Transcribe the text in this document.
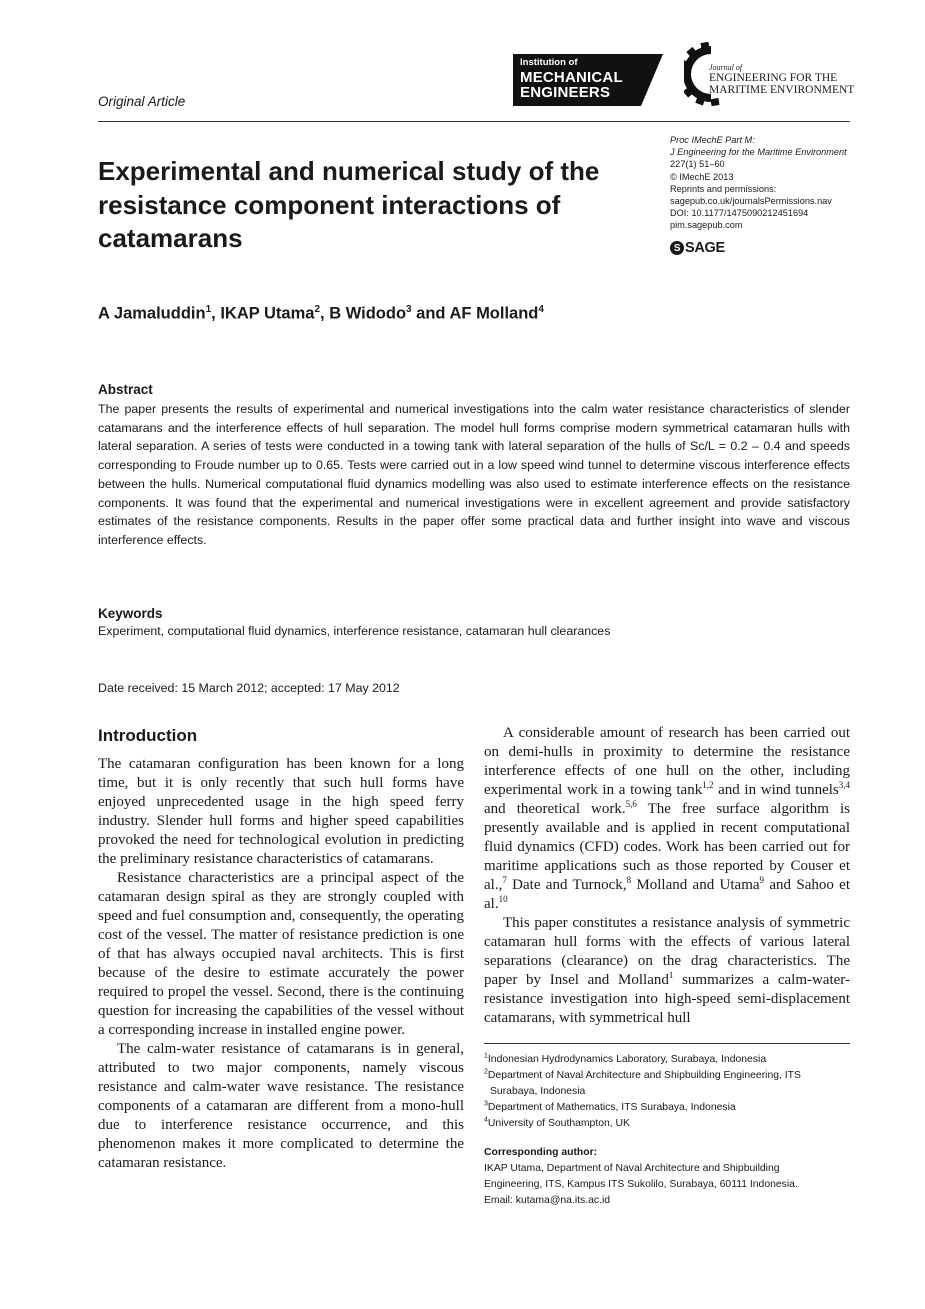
Original Article
Institution of
MECHANICAL
ENGINEERS
Journal of
ENGINEERING FOR THE
MARITIME ENVIRONMENT
Proc IMechE Part M:
J Engineering for the Maritime Environment
227(1) 51–60
© IMechE 2013
Reprints and permissions:
sagepub.co.uk/journalsPermissions.nav
DOI: 10.1177/1475090212451694
pim.sagepub.com
S SAGE
Experimental and numerical study of the resistance component interactions of catamarans
A Jamaluddin$^1$, IKAP Utama$^2$, B Widodo$^3$ and AF Molland$^4$
Abstract
The paper presents the results of experimental and numerical investigations into the calm water resistance characteristics of slender catamarans and the interference effects of hull separation. The model hull forms comprise modern symmetrical catamaran hulls with lateral separation. A series of tests were conducted in a towing tank with lateral separation of the hulls of Sc/L = 0.2 – 0.4 and speeds corresponding to Froude number up to 0.65. Tests were carried out in a low speed wind tunnel to determine viscous interference effects between the hulls. Numerical computational fluid dynamics modelling was also used to estimate interference effects on the resistance components. It was found that the experimental and numerical investigations were in excellent agreement and provide satisfactory estimates of the resistance components. Results in the paper offer some practical data and further insight into wave and viscous interference effects.
Keywords
Experiment, computational fluid dynamics, interference resistance, catamaran hull clearances
Date received: 15 March 2012; accepted: 17 May 2012
Introduction

The catamaran configuration has been known for a long time, but it is only recently that such hull forms have enjoyed unprecedented usage in the high speed ferry industry. Slender hull forms and higher speed capabilities provoked the need for technological evolution in predicting the preliminary resistance characteristics of catamarans.

Resistance characteristics are a principal aspect of the catamaran design spiral as they are strongly coupled with speed and fuel consumption and, consequently, the operating cost of the vessel. The matter of resistance prediction is one of that has always occupied naval architects. This is first because of the desire to estimate accurately the power required to propel the vessel. Second, there is the continuing question for increasing the capabilities of the vessel without a corresponding increase in installed engine power.

The calm-water resistance of catamarans is in general, attributed to two major components, namely viscous resistance and calm-water wave resistance. The resistance components of a catamaran are different from a mono-hull due to interference resistance occurrence, and this phenomenon makes it more complicated to determine the catamaran resistance.

A considerable amount of research has been carried out on demi-hulls in proximity to determine the resistance interference effects of one hull on the other, including experimental work in a towing tank$^{1,2}$ and in wind tunnels$^{3,4}$ and theoretical work.$^{5,6}$ The free surface algorithm is presently available and is applied in recent computational fluid dynamics (CFD) codes. Work has been carried out for maritime applications such as those reported by Couser et al.,$^7$ Date and Turnock,$^8$ Molland and Utama$^9$ and Sahoo et al.$^{10}$

This paper constitutes a resistance analysis of symmetric catamaran hull forms with the effects of various lateral separations (clearance) on the drag characteristics. The paper by Insel and Molland$^1$ summarizes a calm-water-resistance investigation into high-speed semi-displacement catamarans, with symmetrical hull

$^1$Indonesian Hydrodynamics Laboratory, Surabaya, Indonesia
$^2$Department of Naval Architecture and Shipbuilding Engineering, ITS
Surabaya, Indonesia
$^3$Department of Mathematics, ITS Surabaya, Indonesia
$^4$University of Southampton, UK
Corresponding author:
IKAP Utama, Department of Naval Architecture and Shipbuilding
Engineering, ITS, Kampus ITS Sukolilo, Surabaya, 60111 Indonesia.
Email: kutama@na.its.ac.id
